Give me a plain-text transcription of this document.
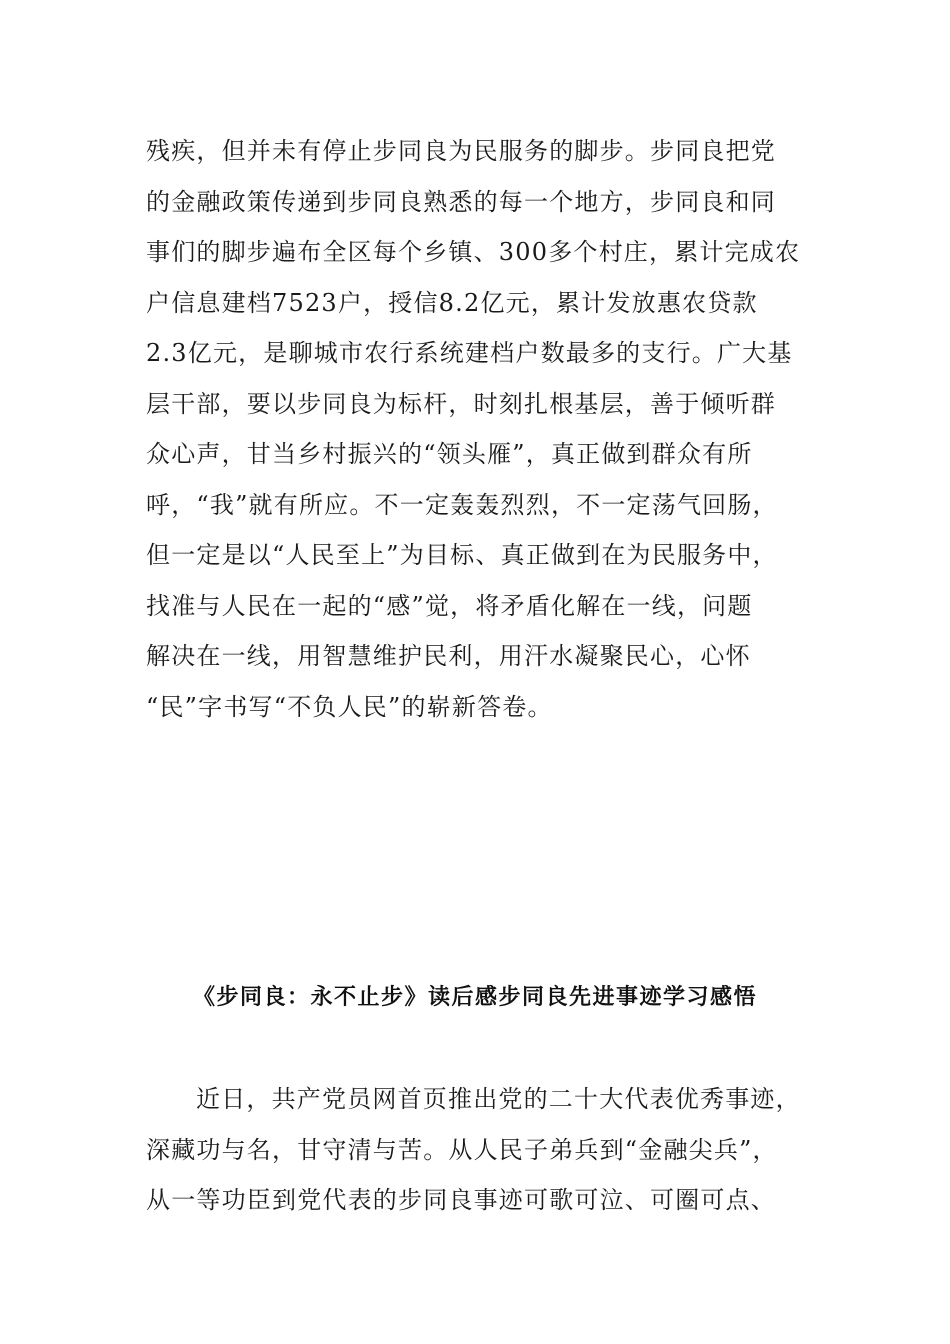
残疾，但并未有停止步同良为民服务的脚步。步同良把党
的金融政策传递到步同良熟悉的每一个地方，步同良和同
事们的脚步遍布全区每个乡镇、300多个村庄，累计完成农
户信息建档7523户，授信8.2亿元，累计发放惠农贷款
2.3亿元，是聊城市农行系统建档户数最多的支行。广大基
层干部，要以步同良为标杆，时刻扎根基层，善于倾听群
众心声，甘当乡村振兴的“领头雁”，真正做到群众有所
呼，“我”就有所应。不一定轰轰烈烈，不一定荡气回肠，
但一定是以“人民至上”为目标、真正做到在为民服务中，
找准与人民在一起的“感”觉，将矛盾化解在一线，问题
解决在一线，用智慧维护民利，用汗水凝聚民心，心怀
“民”字书写“不负人民”的崭新答卷。
《步同良：永不止步》读后感步同良先进事迹学习感悟
近日，共产党员网首页推出党的二十大代表优秀事迹，
深藏功与名，甘守清与苦。从人民子弟兵到“金融尖兵”，
从一等功臣到党代表的步同良事迹可歌可泣、可圈可点、
